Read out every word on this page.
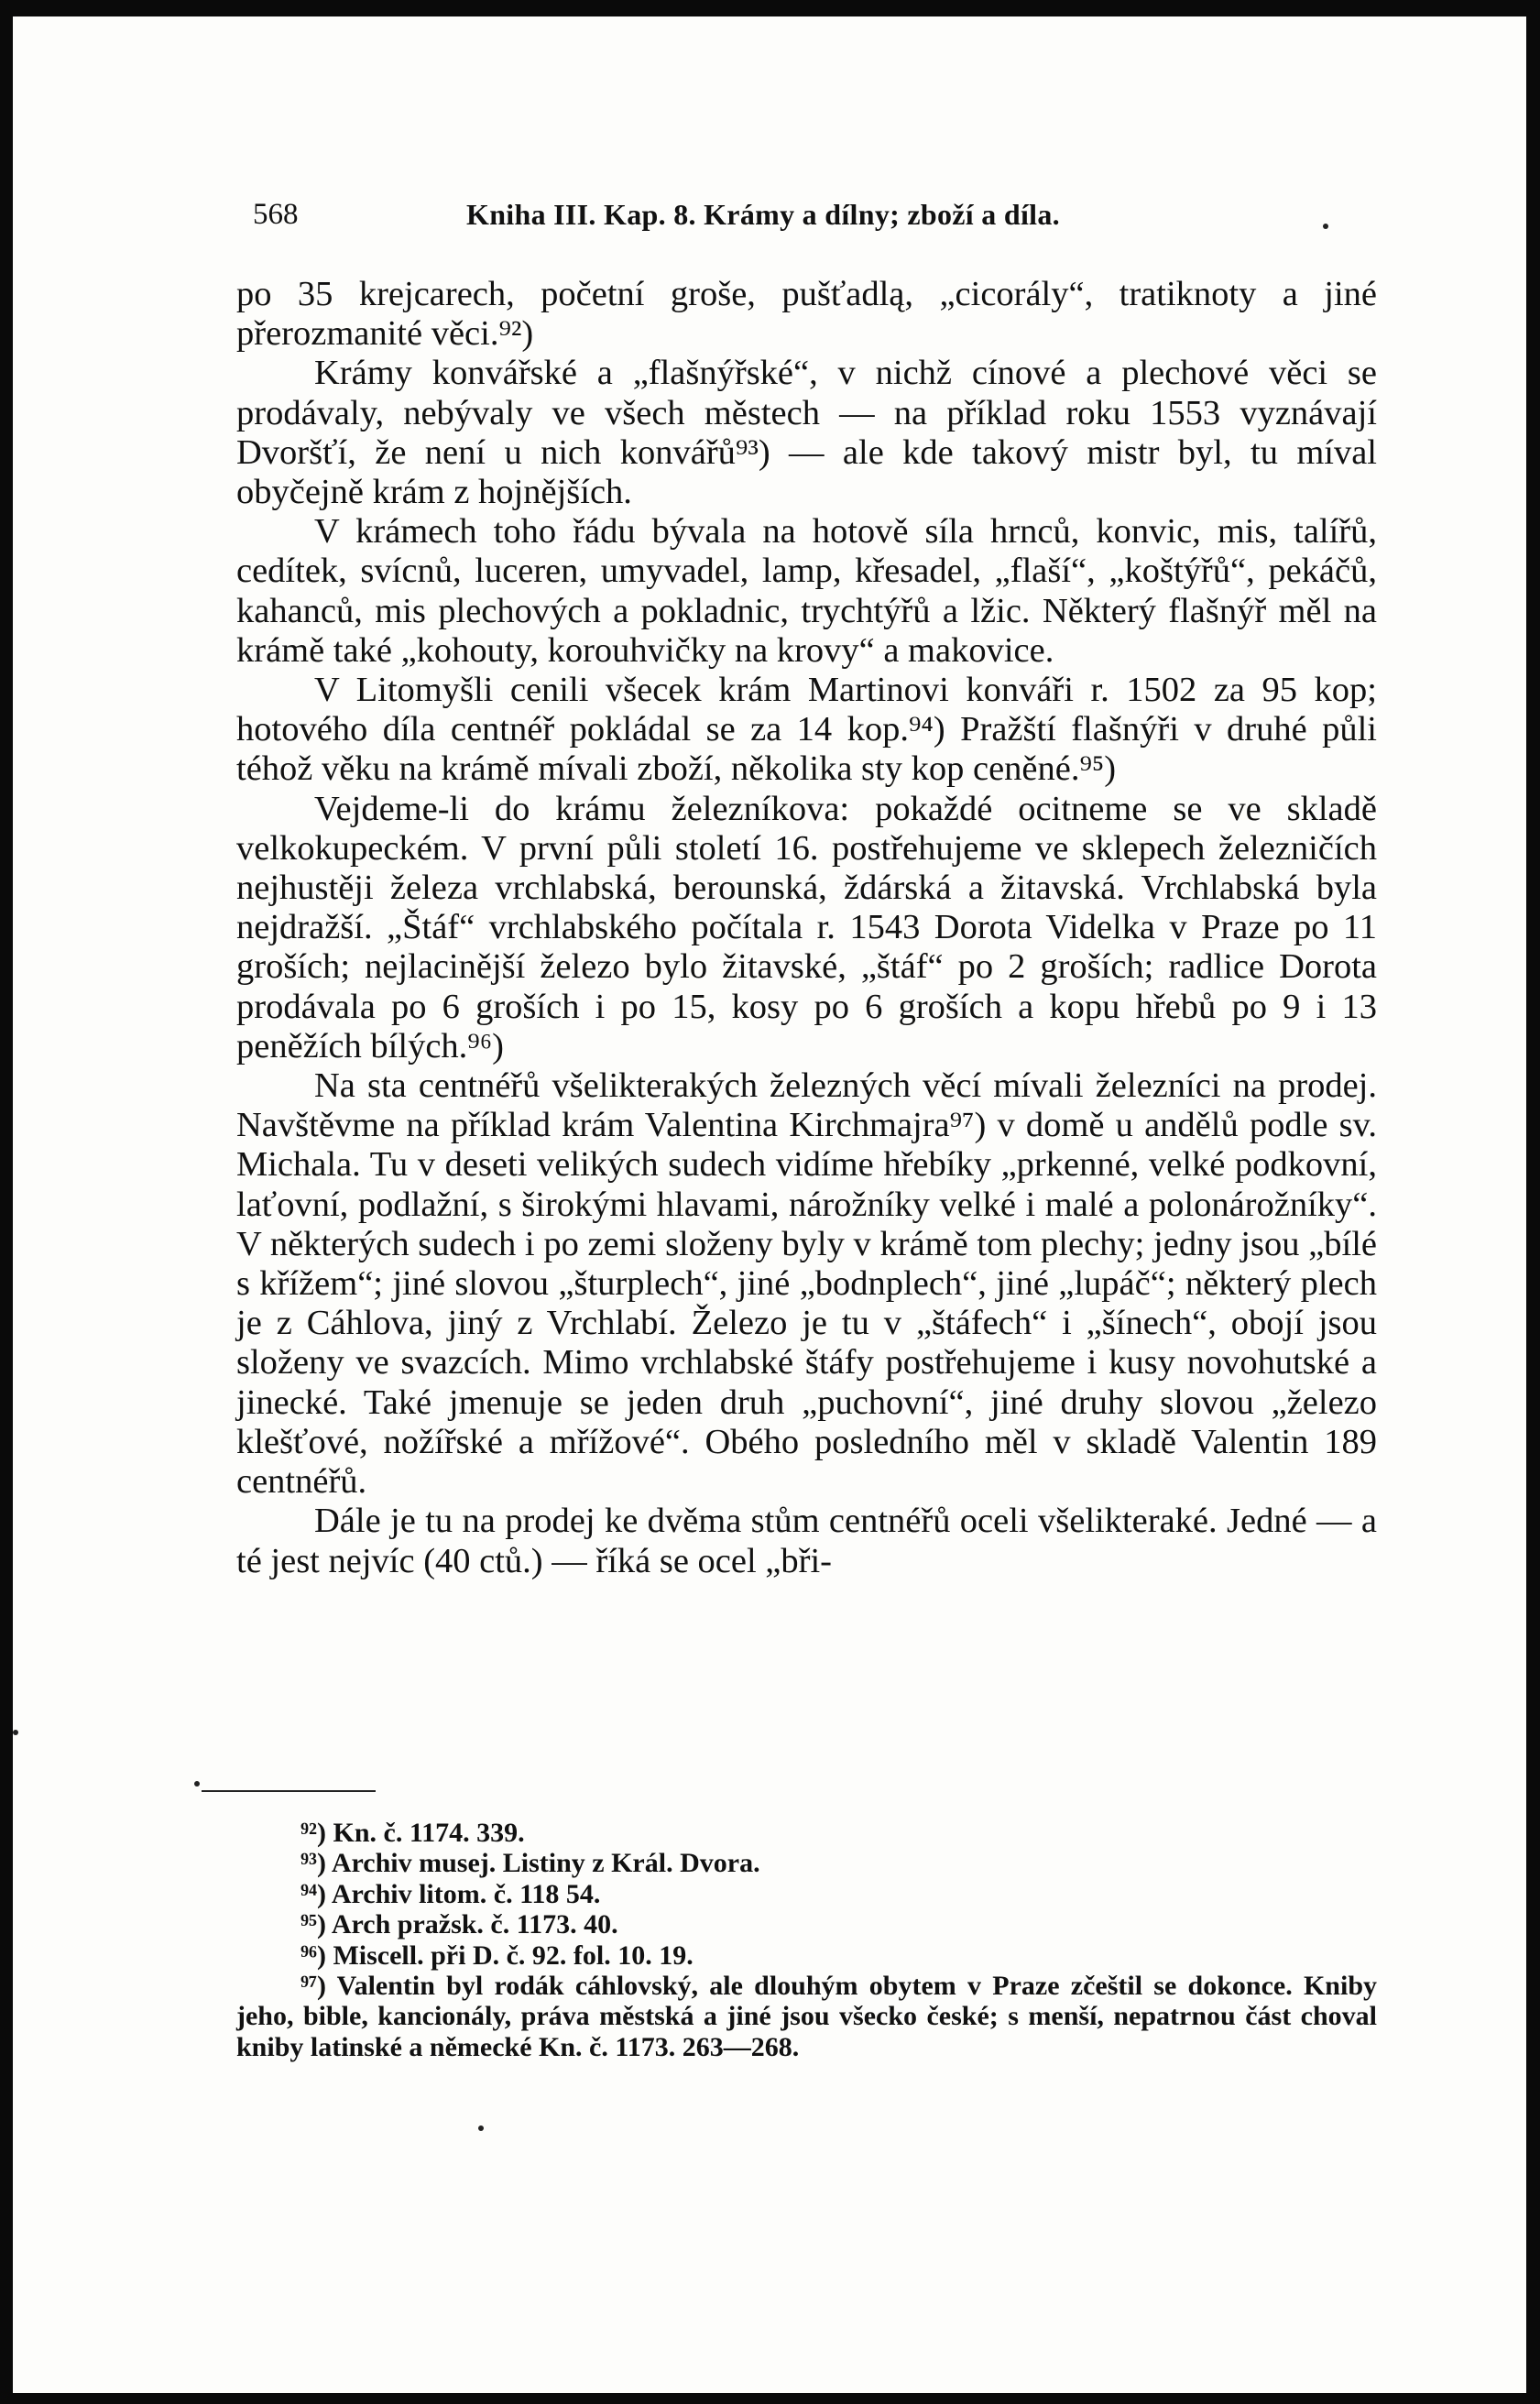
568	Kniha III. Kap. 8. Krámy a dílny; zboží a díla.

po 35 krejcarech, početní groše, pušťadlą, „cicorály“, tratiknoty a jiné přerozmanité věci.⁹²)

Krámy konvářské a „flašnýřské“, v nichž cínové a plechové věci se prodávaly, nebývaly ve všech městech — na příklad roku 1553 vyznávají Dvoršťí, že není u nich konvářů⁹³) — ale kde takový mistr byl, tu míval obyčejně krám z hojnějších.

V krámech toho řádu bývala na hotově síla hrnců, konvic, mis, talířů, cedítek, svícnů, luceren, umyvadel, lamp, křesadel, „flaší“, „koštýřů“, pekáčů, kahanců, mis plechových a pokladnic, trychtýřů a lžic. Některý flašnýř měl na krámě také „kohouty, korouhvičky na krovy“ a makovice.

V Litomyšli cenili všecek krám Martinovi konváři r. 1502 za 95 kop; hotového díla centnéř pokládal se za 14 kop.⁹⁴) Pražští flašnýři v druhé půli téhož věku na krámě mívali zboží, několika sty kop ceněné.⁹⁵)

Vejdeme-li do krámu železníkova: pokaždé ocitneme se ve skladě velkokupeckém. V první půli století 16. postřehujeme ve sklepech železničích nejhustěji železa vrchlabská, berounská, ždárská a žitavská. Vrchlabská byla nejdražší. „Štáf“ vrchlabského počítala r. 1543 Dorota Videlka v Praze po 11 groších; nejlacinější železo bylo žitavské, „štáf“ po 2 groších; radlice Dorota prodávala po 6 groších i po 15, kosy po 6 groších a kopu hřebů po 9 i 13 peněžích bílých.⁹⁶)

Na sta centnéřů všelikterakých železných věcí mívali železníci na prodej. Navštěvme na příklad krám Valentina Kirchmajra⁹⁷) v domě u andělů podle sv. Michala. Tu v deseti velikých sudech vidíme hřebíky „prkenné, velké podkovní, laťovní, podlažní, s širokými hlavami, nárožníky velké i malé a polonárožníky“. V některých sudech i po zemi složeny byly v krámě tom plechy; jedny jsou „bílé s křížem“; jiné slovou „šturplech“, jiné „bodnplech“, jiné „lupáč“; některý plech je z Cáhlova, jiný z Vrchlabí. Železo je tu v „štáfech“ i „šínech“, obojí jsou složeny ve svazcích. Mimo vrchlabské štáfy postřehujeme i kusy novohutské a jinecké. Také jmenuje se jeden druh „puchovní“, jiné druhy slovou „železo klešťové, nožířské a mřížové“. Obého posledního měl v skladě Valentin 189 centnéřů.

Dále je tu na prodej ke dvěma stům centnéřů oceli všelikteraké. Jedné — a té jest nejvíc (40 ctů.) — říká se ocel „bři-

⁹²) Kn. č. 1174. 339.

⁹³) Archiv musej. Listiny z Král. Dvora.

⁹⁴) Archiv litom. č. 118 54.

⁹⁵) Arch pražsk. č. 1173. 40.

⁹⁶) Miscell. při D. č. 92. fol. 10. 19.

⁹⁷) Valentin byl rodák cáhlovský, ale dlouhým obytem v Praze zčeštil se dokonce. Kniby jeho, bible, kancionály, práva městská a jiné jsou všecko české; s menší, nepatrnou část choval kniby latinské a německé Kn. č. 1173. 263—268.
